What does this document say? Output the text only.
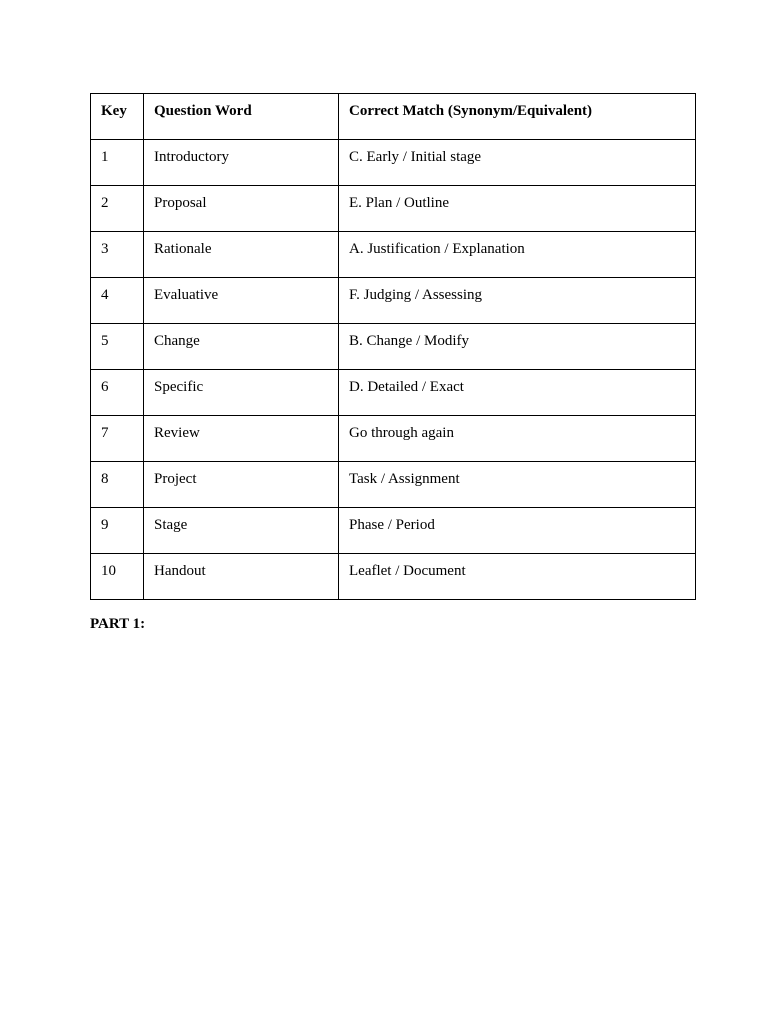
Key	Question Word	Correct Match (Synonym/Equivalent)
1	Introductory	C. Early / Initial stage
2	Proposal	E. Plan / Outline
3	Rationale	A. Justification / Explanation
4	Evaluative	F. Judging / Assessing
5	Change	B. Change / Modify
6	Specific	D. Detailed / Exact
7	Review	Go through again
8	Project	Task / Assignment
9	Stage	Phase / Period
10	Handout	Leaflet / Document
PART 1:
